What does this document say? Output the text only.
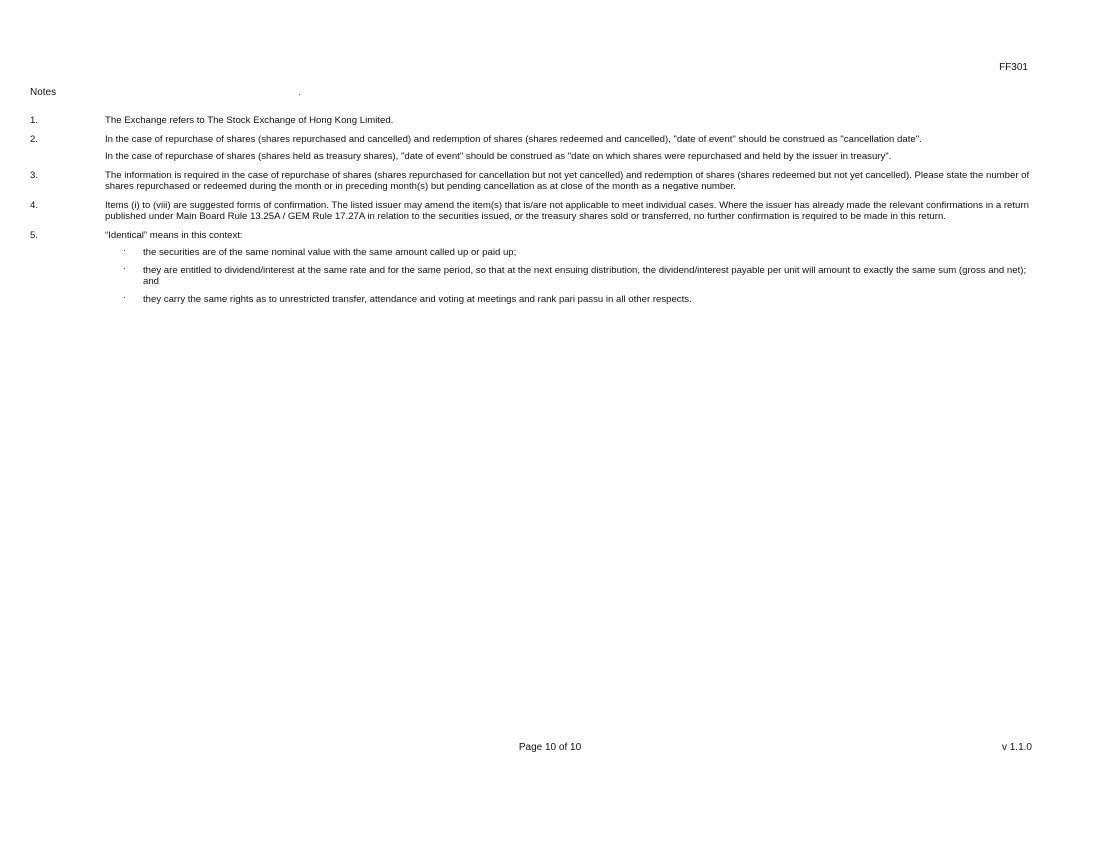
FF301
Notes
1.	The Exchange refers to The Stock Exchange of Hong Kong Limited.

2.	In the case of repurchase of shares (shares repurchased and cancelled) and redemption of shares (shares redeemed and cancelled), "date of event" should be construed as "cancellation date".

In the case of repurchase of shares (shares held as treasury shares), "date of event" should be construed as "date on which shares were repurchased and held by the issuer in treasury".

3.	The information is required in the case of repurchase of shares (shares repurchased for cancellation but not yet cancelled) and redemption of shares (shares redeemed but not yet cancelled). Please state the number of shares repurchased or redeemed during the month or in preceding month(s) but pending cancellation as at close of the month as a negative number.

4.	Items (i) to (viii) are suggested forms of confirmation. The listed issuer may amend the item(s) that is/are not applicable to meet individual cases. Where the issuer has already made the relevant confirmations in a return published under Main Board Rule 13.25A / GEM Rule 17.27A in relation to the securities issued, or the treasury shares sold or transferred, no further confirmation is required to be made in this return.

5.	“Identical” means in this context:

· the securities are of the same nominal value with the same amount called up or paid up;
· they are entitled to dividend/interest at the same rate and for the same period, so that at the next ensuing distribution, the dividend/interest payable per unit will amount to exactly the same sum (gross and net); and
· they carry the same rights as to unrestricted transfer, attendance and voting at meetings and rank pari passu in all other respects.
Page 10 of 10	v 1.1.0
